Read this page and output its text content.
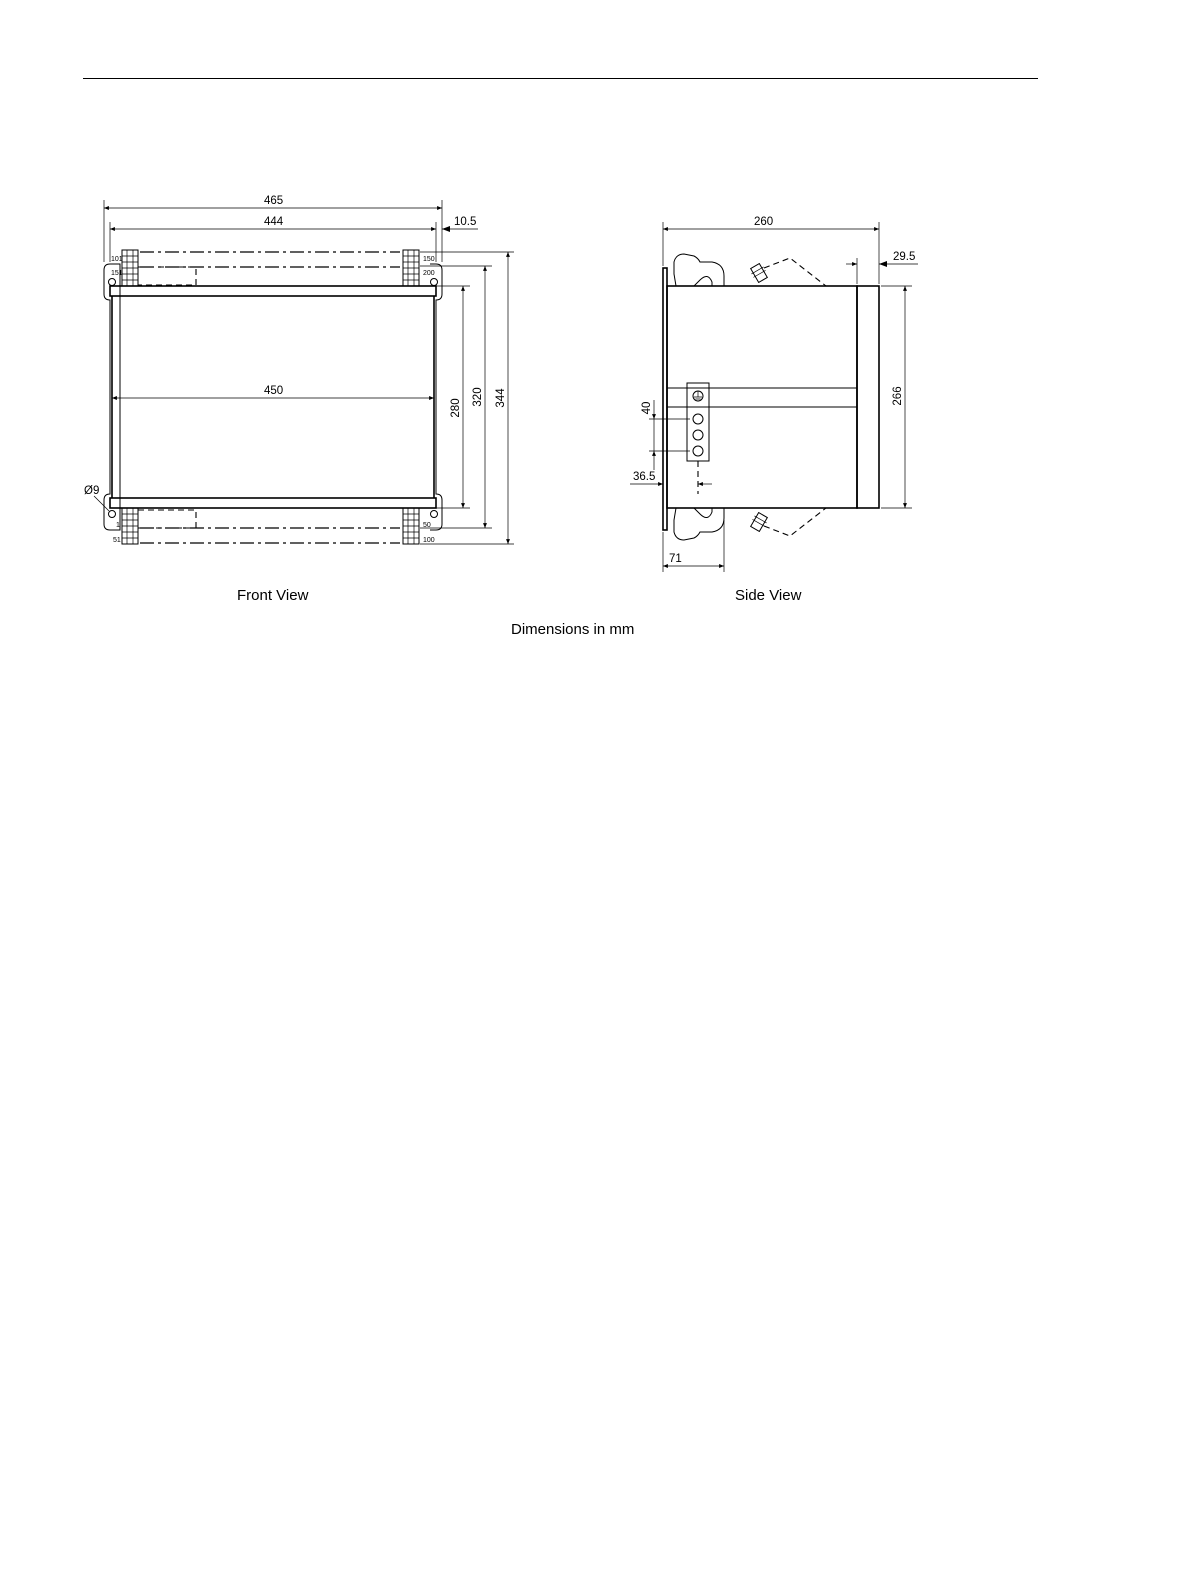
101
151
150
200
1
51
50
100
465
444	10.5
450
280
320 344
Ø9
260
29.5
266
40
36.5
71
Front View	Side View
Dimensions in mm
